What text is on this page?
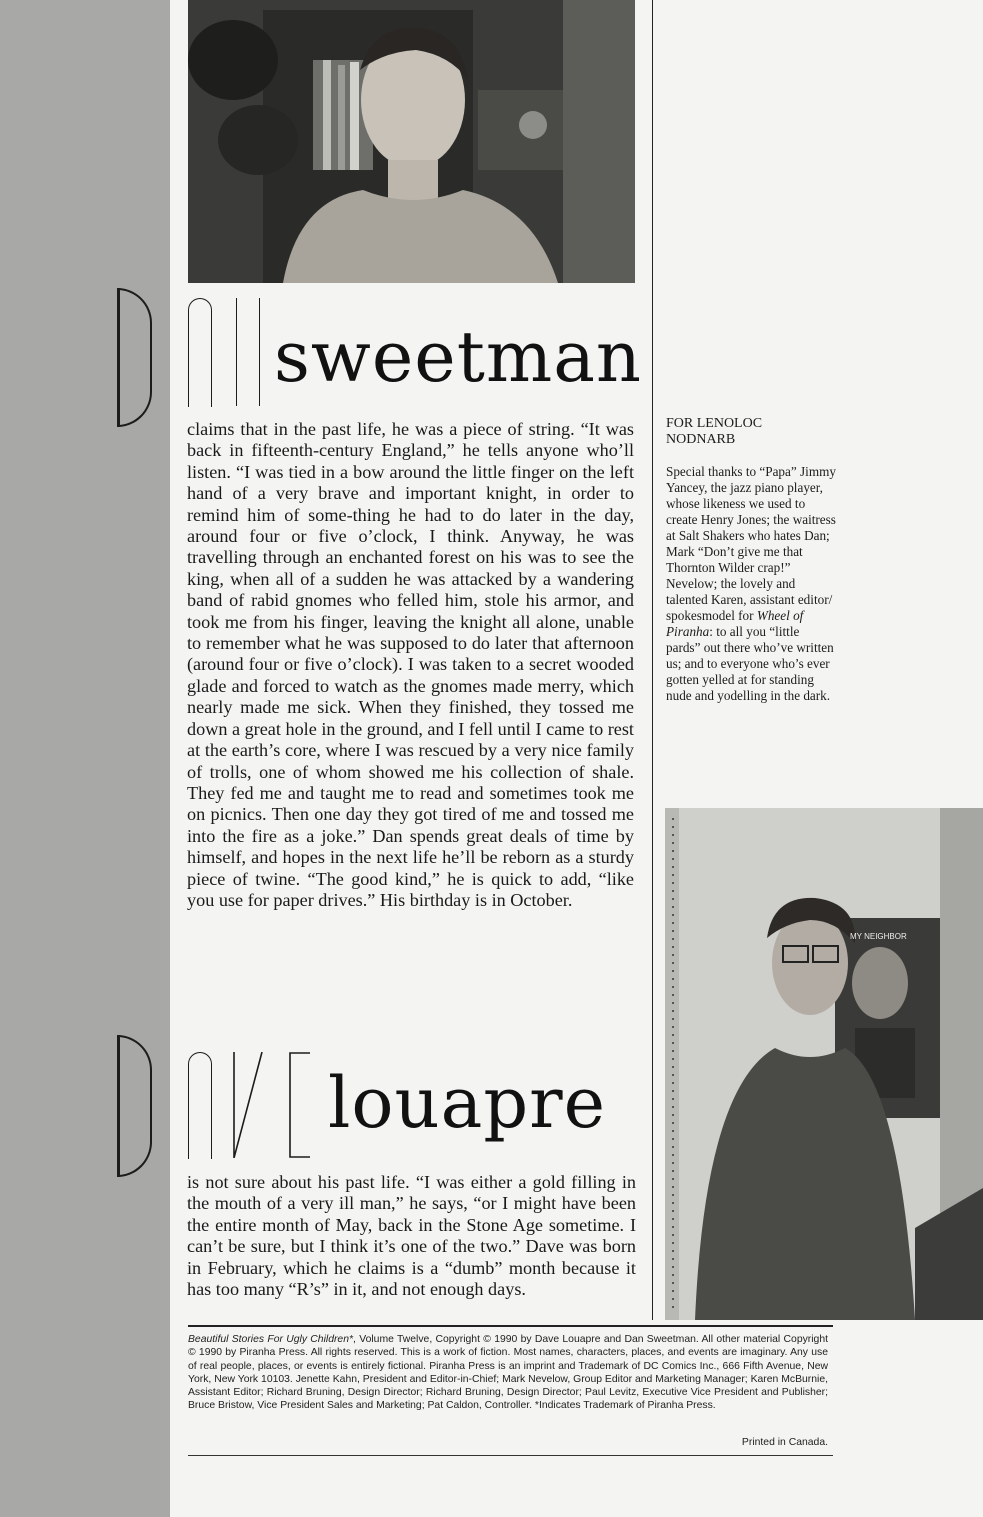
sweetman

claims that in the past life, he was a piece of string. “It was back in fifteenth-century England,” he tells anyone who’ll listen. “I was tied in a bow around the little finger on the left hand of a very brave and important knight, in order to remind him of some-thing he had to do later in the day, around four or five o’clock, I think. Anyway, he was travelling through an enchanted forest on his was to see the king, when all of a sudden he was attacked by a wandering band of rabid gnomes who felled him, stole his armor, and took me from his finger, leaving the knight all alone, unable to remember what he was supposed to do later that afternoon (around four or five o’clock). I was taken to a secret wooded glade and forced to watch as the gnomes made merry, which nearly made me sick. When they finished, they tossed me down a great hole in the ground, and I fell until I came to rest at the earth’s core, where I was rescued by a very nice family of trolls, one of whom showed me his collection of shale. They fed me and taught me to read and sometimes took me on picnics. Then one day they got tired of me and tossed me into the fire as a joke.” Dan spends great deals of time by himself, and hopes in the next life he’ll be reborn as a sturdy piece of twine. “The good kind,” he is quick to add, “like you use for paper drives.” His birthday is in October.

louapre

is not sure about his past life. “I was either a gold filling in the mouth of a very ill man,” he says, “or I might have been the entire month of May, back in the Stone Age sometime. I can’t be sure, but I think it’s one of the two.” Dave was born in February, which he claims is a “dumb” month because it has too many “R’s” in it, and not enough days.

FOR LENOLOC NODNARB

Special thanks to “Papa” Jimmy Yancey, the jazz piano player, whose likeness we used to create Henry Jones; the waitress at Salt Shakers who hates Dan; Mark “Don’t give me that Thornton Wilder crap!” Nevelow; the lovely and talented Karen, assistant editor/ spokesmodel for Wheel of Piranha: to all you “little pards” out there who’ve written us; and to everyone who’s ever gotten yelled at for standing nude and yodelling in the dark.

MY NEIGHBOR

Beautiful Stories For Ugly Children*, Volume Twelve, Copyright © 1990 by Dave Louapre and Dan Sweetman. All other material Copyright © 1990 by Piranha Press. All rights reserved. This is a work of fiction. Most names, characters, places, and events are imaginary. Any use of real people, places, or events is entirely fictional. Piranha Press is an imprint and Trademark of DC Comics Inc., 666 Fifth Avenue, New York, New York 10103. Jenette Kahn, President and Editor-in-Chief; Mark Nevelow, Group Editor and Marketing Manager; Karen McBurnie, Assistant Editor; Richard Bruning, Design Director; Richard Bruning, Design Director; Paul Levitz, Executive Vice President and Publisher; Bruce Bristow, Vice President Sales and Marketing; Pat Caldon, Controller. *Indicates Trademark of Piranha Press.

Printed in Canada.
